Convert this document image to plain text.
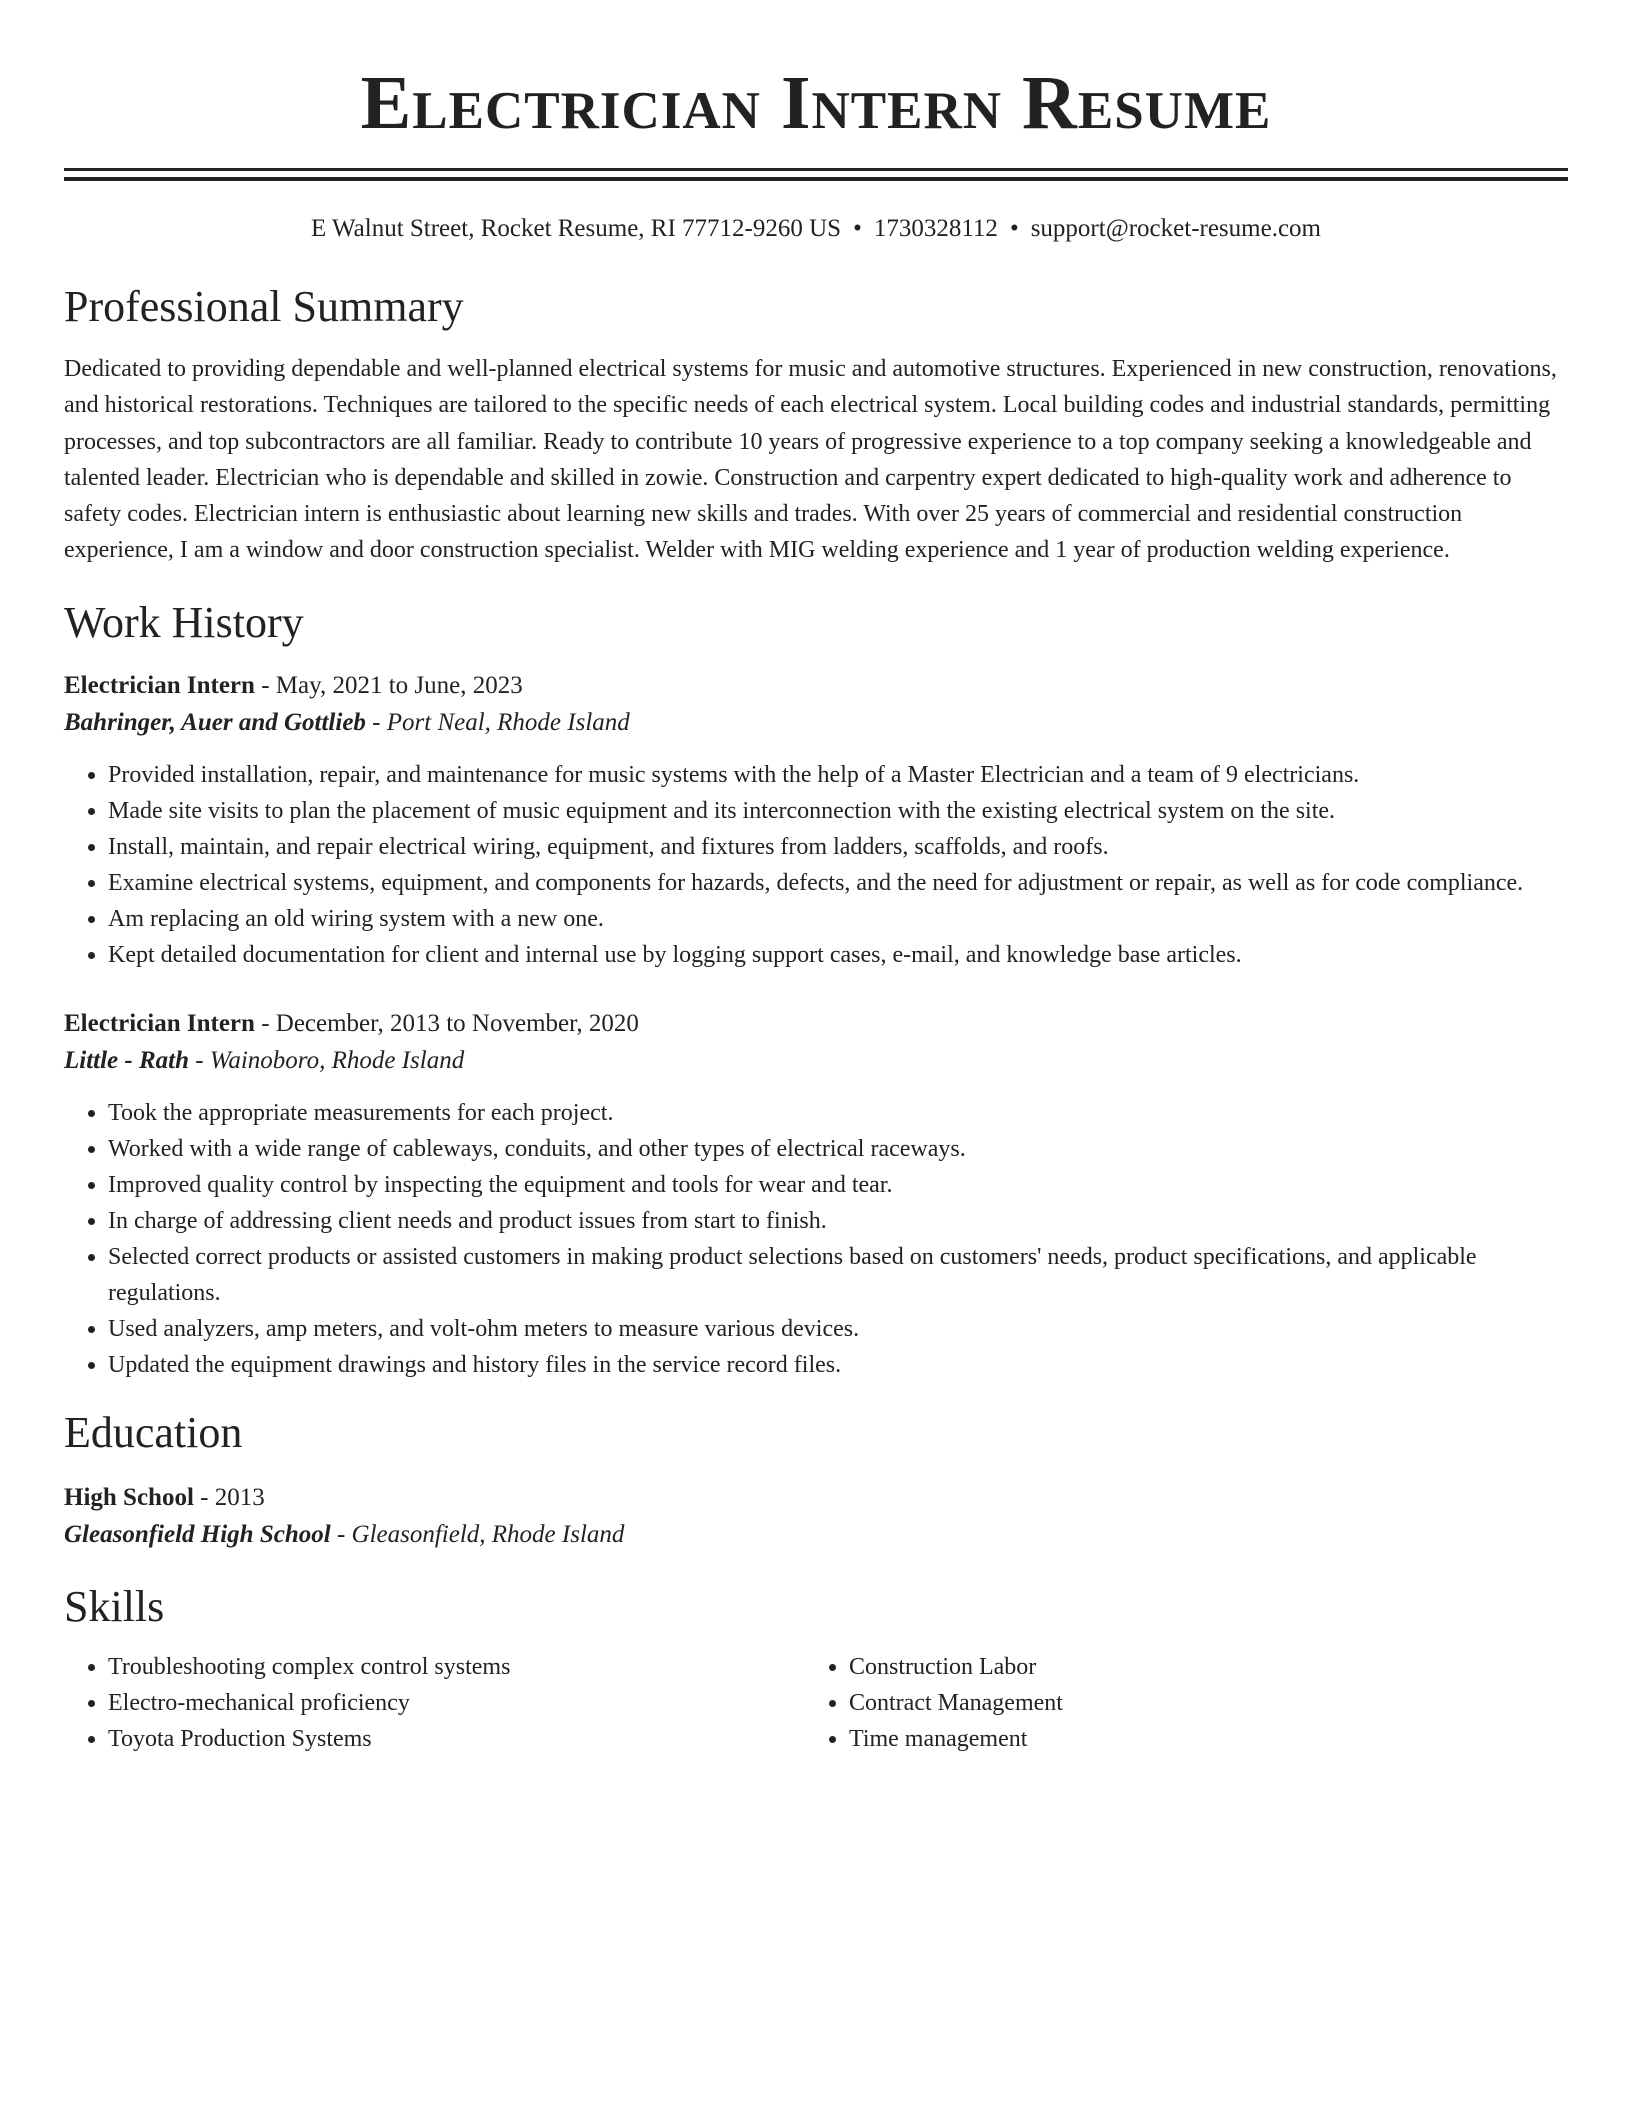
Electrician Intern Resume
E Walnut Street, Rocket Resume, RI 77712-9260 US • 1730328112 • support@rocket-resume.com
Professional Summary

Dedicated to providing dependable and well-planned electrical systems for music and automotive structures. Experienced in new construction, renovations, and historical restorations. Techniques are tailored to the specific needs of each electrical system. Local building codes and industrial standards, permitting processes, and top subcontractors are all familiar. Ready to contribute 10 years of progressive experience to a top company seeking a knowledgeable and talented leader. Electrician who is dependable and skilled in zowie. Construction and carpentry expert dedicated to high-quality work and adherence to safety codes. Electrician intern is enthusiastic about learning new skills and trades. With over 25 years of commercial and residential construction experience, I am a window and door construction specialist. Welder with MIG welding experience and 1 year of production welding experience.

Work History
Electrician Intern - May, 2021 to June, 2023
Bahringer, Auer and Gottlieb - Port Neal, Rhode Island
• Provided installation, repair, and maintenance for music systems with the help of a Master Electrician and a team of 9 electricians.
• Made site visits to plan the placement of music equipment and its interconnection with the existing electrical system on the site.
• Install, maintain, and repair electrical wiring, equipment, and fixtures from ladders, scaffolds, and roofs.
• Examine electrical systems, equipment, and components for hazards, defects, and the need for adjustment or repair, as well as for code compliance.
• Am replacing an old wiring system with a new one.
• Kept detailed documentation for client and internal use by logging support cases, e-mail, and knowledge base articles.
Electrician Intern - December, 2013 to November, 2020
Little - Rath - Wainoboro, Rhode Island
• Took the appropriate measurements for each project.
• Worked with a wide range of cableways, conduits, and other types of electrical raceways.
• Improved quality control by inspecting the equipment and tools for wear and tear.
• In charge of addressing client needs and product issues from start to finish.
• Selected correct products or assisted customers in making product selections based on customers' needs, product specifications, and applicable regulations.
• Used analyzers, amp meters, and volt-ohm meters to measure various devices.
• Updated the equipment drawings and history files in the service record files.
Education
High School - 2013
Gleasonfield High School - Gleasonfield, Rhode Island
Skills
• Troubleshooting complex control systems
• Electro-mechanical proficiency
• Toyota Production Systems
• Construction Labor
• Contract Management
• Time management
